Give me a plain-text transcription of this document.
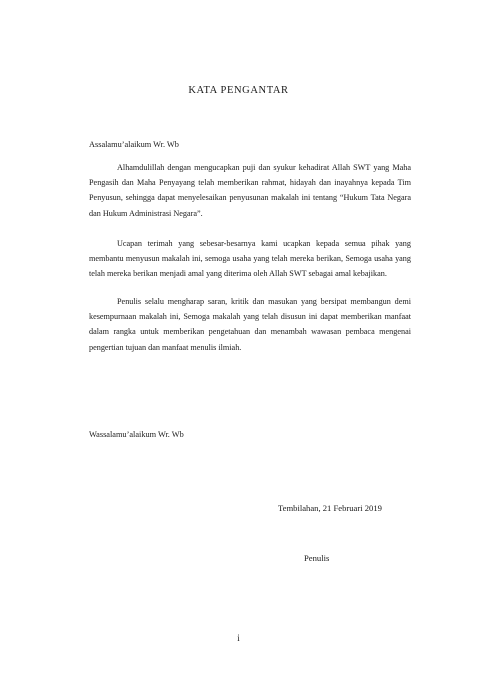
KATA PENGANTAR

Assalamu’alaikum Wr. Wb

Alhamdulillah dengan mengucapkan puji dan syukur kehadirat Allah SWT yang Maha Pengasih dan Maha Penyayang telah memberikan rahmat, hidayah dan inayahnya kepada Tim Penyusun, sehingga dapat menyelesaikan penyusunan makalah ini tentang “Hukum Tata Negara dan Hukum Administrasi Negara”.

Ucapan terimah yang sebesar-besarnya kami ucapkan kepada semua pihak yang membantu menyusun makalah ini, semoga usaha yang telah mereka berikan, Semoga usaha yang telah mereka berikan menjadi amal yang diterima oleh Allah SWT sebagai amal kebajikan.

Penulis selalu mengharap saran, kritik dan masukan yang bersipat membangun demi kesempurnaan makalah ini, Semoga makalah yang telah disusun ini dapat memberikan manfaat dalam rangka untuk memberikan pengetahuan dan menambah wawasan pembaca mengenai pengertian tujuan dan manfaat menulis ilmiah.

Wassalamu’alaikum Wr. Wb

Tembilahan, 21 Februari 2019

Penulis

i
